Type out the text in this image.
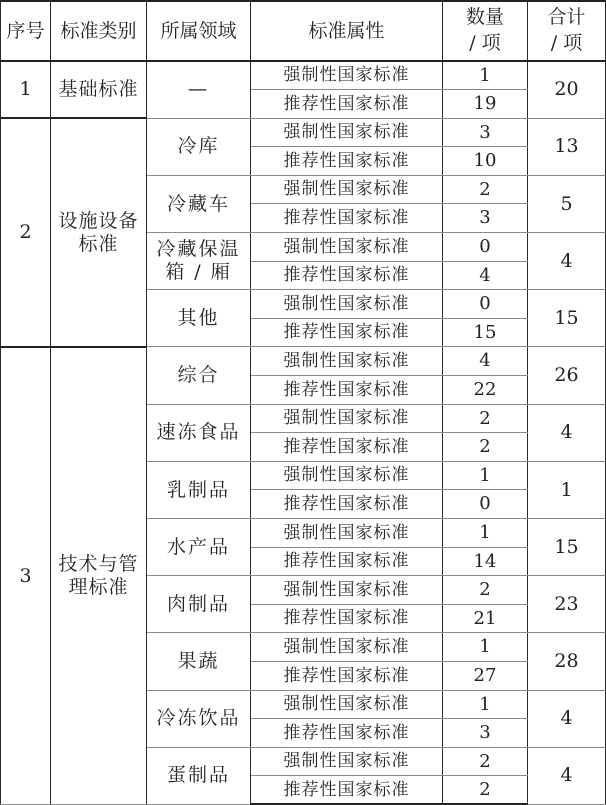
序号	标准类别	所属领域	标准属性	数量
/ 项	合计
/ 项

1	基础标准	—	强制性国家标准	1	20
			推荐性国家标准	19	
2	设施设备标准	冷库	强制性国家标准	3	13
			推荐性国家标准	10	
		冷藏车	强制性国家标准	2	5
			推荐性国家标准	3	
		冷藏保温箱 / 厢	强制性国家标准	0	4
			推荐性国家标准	4	
		其他	强制性国家标准	0	15
			推荐性国家标准	15	
3	技术与管理标准	综合	强制性国家标准	4	26
			推荐性国家标准	22	
		速冻食品	强制性国家标准	2	4
			推荐性国家标准	2	
		乳制品	强制性国家标准	1	1
			推荐性国家标准	0	
		水产品	强制性国家标准	1	15
			推荐性国家标准	14	
		肉制品	强制性国家标准	2	23
			推荐性国家标准	21	
		果蔬	强制性国家标准	1	28
			推荐性国家标准	27	
		冷冻饮品	强制性国家标准	1	4
			推荐性国家标准	3	
		蛋制品	强制性国家标准	2	4
			推荐性国家标准	2	
